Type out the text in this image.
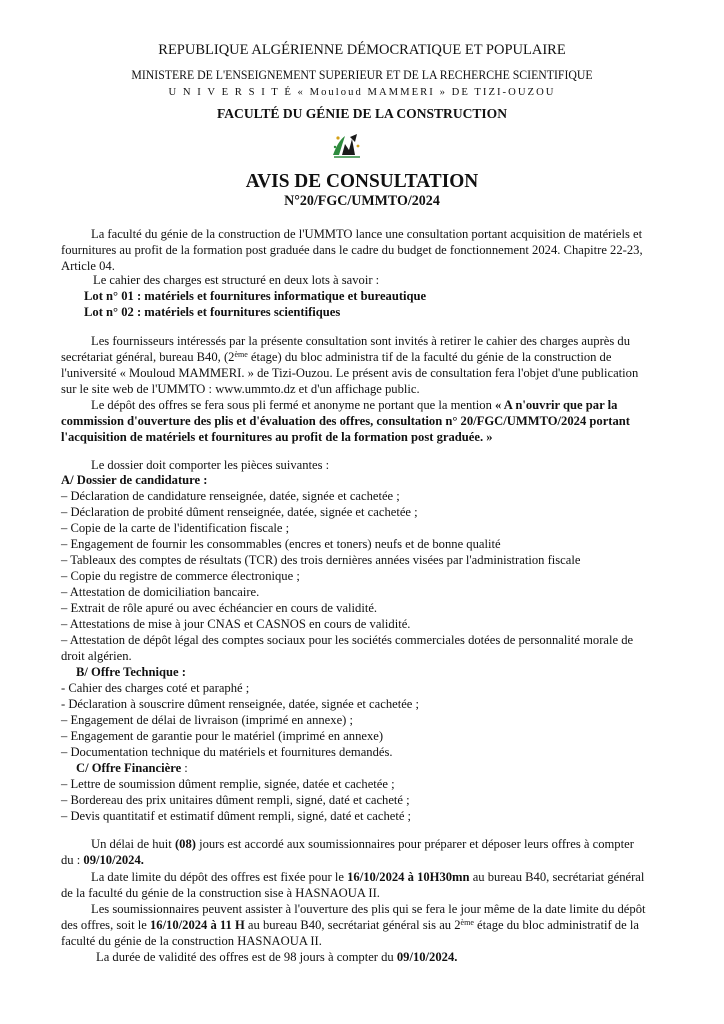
REPUBLIQUE ALGÉRIENNE DÉMOCRATIQUE ET POPULAIRE
MINISTERE DE L'ENSEIGNEMENT SUPERIEUR ET DE LA RECHERCHE SCIENTIFIQUE
U N I V E R S I T É « Mouloud MAMMERI » DE TIZI-OUZOU
FACULTÉ DU GÉNIE DE LA CONSTRUCTION
AVIS DE CONSULTATION
N°20/FGC/UMMTO/2024
La faculté du génie de la construction de l'UMMTO lance une consultation portant acquisition de matériels et
fournitures au profit de la formation post graduée dans le cadre du budget de fonctionnement 2024. Chapitre 22-23,
Article 04.
Le cahier des charges est structuré en deux lots à savoir :
Lot n° 01 : matériels et fournitures informatique et bureautique
Lot n° 02 : matériels et fournitures scientifiques
Les fournisseurs intéressés par la présente consultation sont invités à retirer le cahier des charges auprès du
secrétariat général, bureau B40, (2ème étage) du bloc administra tif de la faculté du génie de la construction de
l'université « Mouloud MAMMERI. » de Tizi-Ouzou. Le présent avis de consultation fera l'objet d'une publication
sur le site web de l'UMMTO : www.ummto.dz et d'un affichage public.
Le dépôt des offres se fera sous pli fermé et anonyme ne portant que la mention « A n'ouvrir que par la
commission d'ouverture des plis et d'évaluation des offres, consultation n° 20/FGC/UMMTO/2024 portant
l'acquisition de matériels et fournitures au profit de la formation post graduée. »
Le dossier doit comporter les pièces suivantes :
A/ Dossier de candidature :
– Déclaration de candidature renseignée, datée, signée et cachetée ;
– Déclaration de probité dûment renseignée, datée, signée et cachetée ;
– Copie de la carte de l'identification fiscale ;
– Engagement de fournir les consommables (encres et toners) neufs et de bonne qualité
– Tableaux des comptes de résultats (TCR) des trois dernières années visées par l'administration fiscale
– Copie du registre de commerce électronique ;
– Attestation de domiciliation bancaire.
– Extrait de rôle apuré ou avec échéancier en cours de validité.
– Attestations de mise à jour CNAS et CASNOS en cours de validité.
– Attestation de dépôt légal des comptes sociaux pour les sociétés commerciales dotées de personnalité morale de
droit algérien.
B/ Offre Technique :
- Cahier des charges coté et paraphé ;
- Déclaration à souscrire dûment renseignée, datée, signée et cachetée ;
– Engagement de délai de livraison (imprimé en annexe) ;
– Engagement de garantie pour le matériel (imprimé en annexe)
– Documentation technique du matériels et fournitures demandés.
C/ Offre Financière :
– Lettre de soumission dûment remplie, signée, datée et cachetée ;
– Bordereau des prix unitaires dûment rempli, signé, daté et cacheté ;
– Devis quantitatif et estimatif dûment rempli, signé, daté et cacheté ;
Un délai de huit (08) jours est accordé aux soumissionnaires pour préparer et déposer leurs offres à compter
du : 09/10/2024.
La date limite du dépôt des offres est fixée pour le 16/10/2024 à 10H30mn au bureau B40, secrétariat général
de la faculté du génie de la construction sise à HASNAOUA II.
Les soumissionnaires peuvent assister à l'ouverture des plis qui se fera le jour même de la date limite du dépôt
des offres, soit le 16/10/2024 à 11 H au bureau B40, secrétariat général sis au 2ème étage du bloc administratif de la
faculté du génie de la construction HASNAOUA II.
La durée de validité des offres est de 98 jours à compter du 09/10/2024.
